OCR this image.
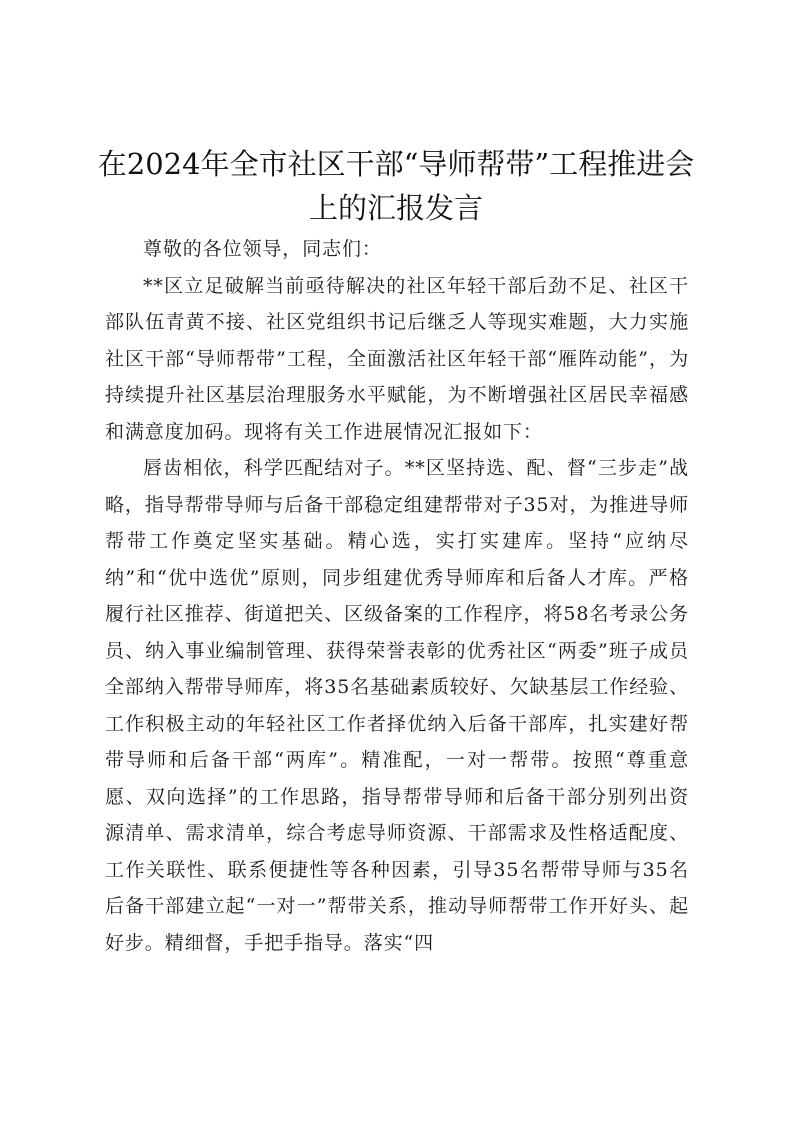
在2024年全市社区干部“导师帮带”工程推进会上的汇报发言

尊敬的各位领导，同志们：

**区立足破解当前亟待解决的社区年轻干部后劲不足、社区干部队伍青黄不接、社区党组织书记后继乏人等现实难题，大力实施社区干部“导师帮带”工程，全面激活社区年轻干部“雁阵动能”，为持续提升社区基层治理服务水平赋能，为不断增强社区居民幸福感和满意度加码。现将有关工作进展情况汇报如下：

唇齿相依，科学匹配结对子。**区坚持选、配、督“三步走”战略，指导帮带导师与后备干部稳定组建帮带对子35对，为推进导师帮带工作奠定坚实基础。精心选，实打实建库。坚持“应纳尽纳”和“优中选优”原则，同步组建优秀导师库和后备人才库。严格履行社区推荐、街道把关、区级备案的工作程序，将58名考录公务员、纳入事业编制管理、获得荣誉表彰的优秀社区“两委”班子成员全部纳入帮带导师库，将35名基础素质较好、欠缺基层工作经验、工作积极主动的年轻社区工作者择优纳入后备干部库，扎实建好帮带导师和后备干部“两库”。精准配，一对一帮带。按照“尊重意愿、双向选择”的工作思路，指导帮带导师和后备干部分别列出资源清单、需求清单，综合考虑导师资源、干部需求及性格适配度、工作关联性、联系便捷性等各种因素，引导35名帮带导师与35名后备干部建立起“一对一”帮带关系，推动导师帮带工作开好头、起好步。精细督，手把手指导。落实“四
